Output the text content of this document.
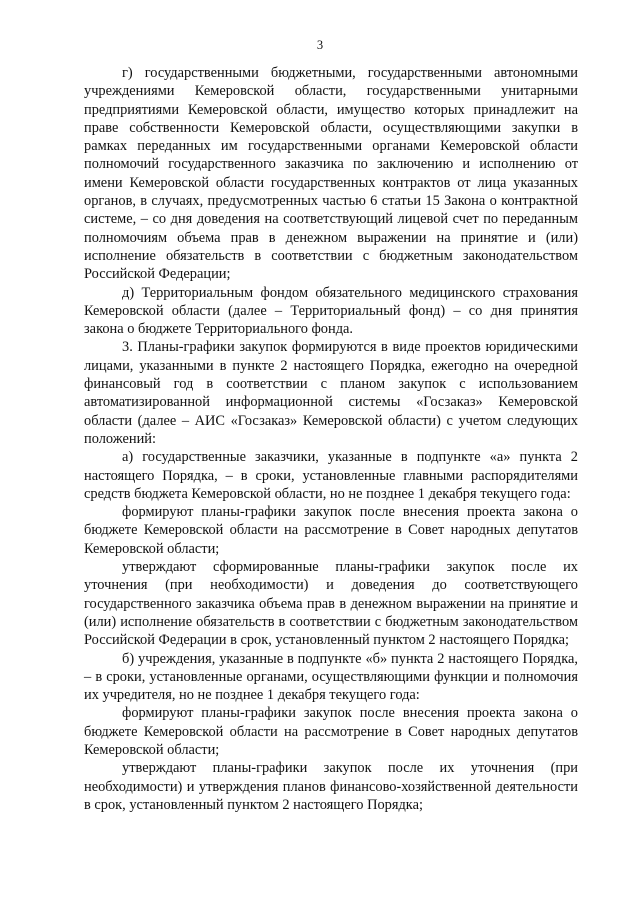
3

г) государственными бюджетными, государственными автономными учреждениями Кемеровской области, государственными унитарными предприятиями Кемеровской области, имущество которых принадлежит на праве собственности Кемеровской области, осуществляющими закупки в рамках переданных им государственными органами Кемеровской области полномочий государственного заказчика по заключению и исполнению от имени Кемеровской области государственных контрактов от лица указанных органов, в случаях, предусмотренных частью 6 статьи 15 Закона о контрактной системе, – со дня доведения на соответствующий лицевой счет по переданным полномочиям объема прав в денежном выражении на принятие и (или) исполнение обязательств в соответствии с бюджетным законодательством Российской Федерации;

д) Территориальным фондом обязательного медицинского страхования Кемеровской области (далее – Территориальный фонд) – со дня принятия закона о бюджете Территориального фонда.

3. Планы-графики закупок формируются в виде проектов юридическими лицами, указанными в пункте 2 настоящего Порядка, ежегодно на очередной финансовый год в соответствии с планом закупок с использованием автоматизированной информационной системы «Госзаказ» Кемеровской области (далее – АИС «Госзаказ» Кемеровской области) с учетом следующих положений:

а) государственные заказчики, указанные в подпункте «а» пункта 2 настоящего Порядка, – в сроки, установленные главными распорядителями средств бюджета Кемеровской области, но не позднее 1 декабря текущего года:

формируют планы-графики закупок после внесения проекта закона о бюджете Кемеровской области на рассмотрение в Совет народных депутатов Кемеровской области;

утверждают сформированные планы-графики закупок после их уточнения (при необходимости) и доведения до соответствующего государственного заказчика объема прав в денежном выражении на принятие и (или) исполнение обязательств в соответствии с бюджетным законодательством Российской Федерации в срок, установленный пунктом 2 настоящего Порядка;

б) учреждения, указанные в подпункте «б» пункта 2 настоящего Порядка, – в сроки, установленные органами, осуществляющими функции и полномочия их учредителя, но не позднее 1 декабря текущего года:

формируют планы-графики закупок после внесения проекта закона о бюджете Кемеровской области на рассмотрение в Совет народных депутатов Кемеровской области;

утверждают планы-графики закупок после их уточнения (при необходимости) и утверждения планов финансово-хозяйственной деятельности в срок, установленный пунктом 2 настоящего Порядка;
